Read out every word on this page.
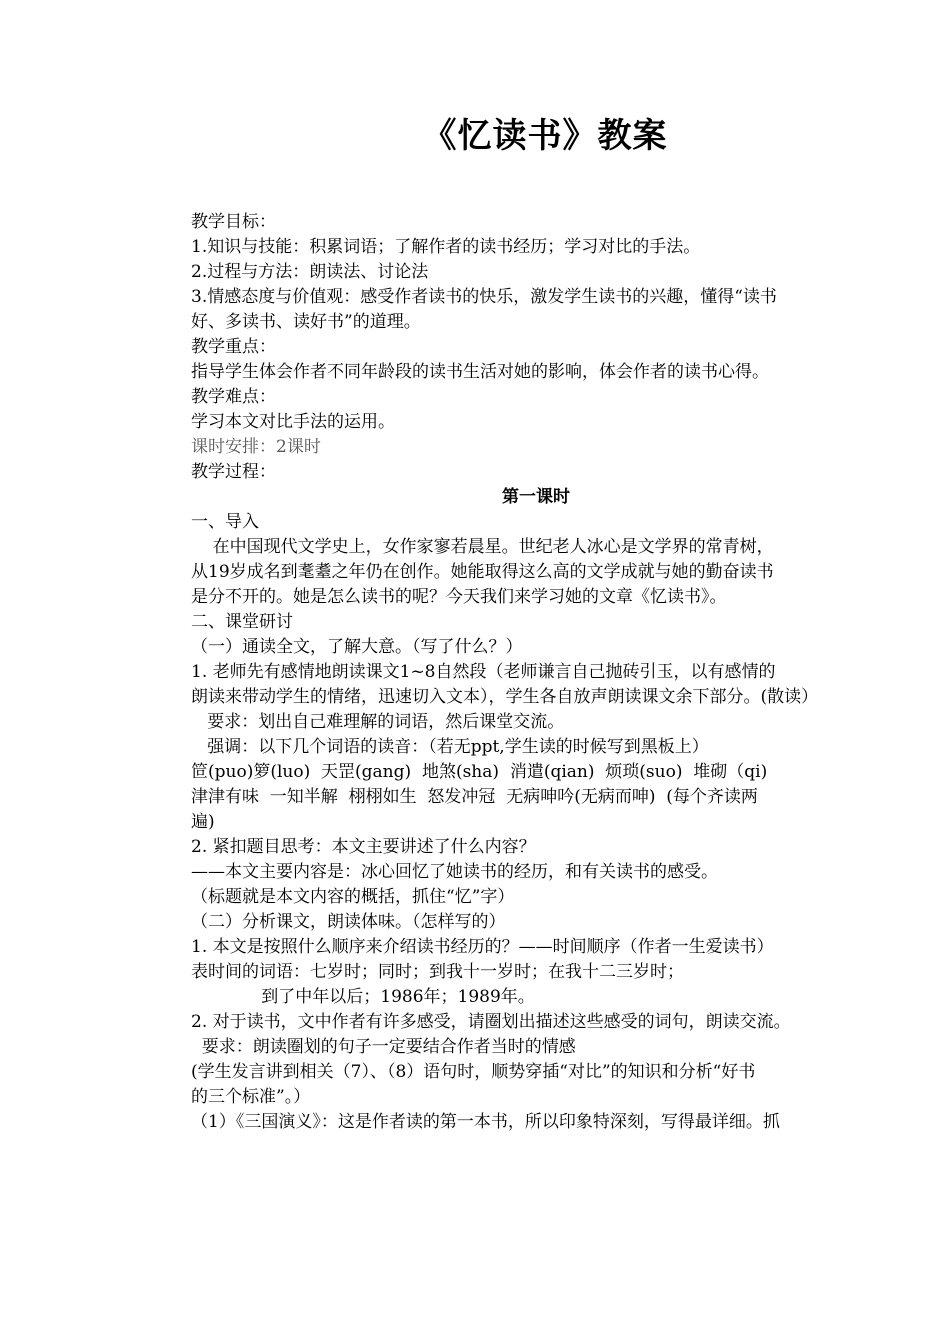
《忆读书》教案
教学目标：
1.知识与技能：积累词语；了解作者的读书经历；学习对比的手法。
2.过程与方法：朗读法、讨论法
3.情感态度与价值观：感受作者读书的快乐，激发学生读书的兴趣，懂得“读书
好、多读书、读好书”的道理。
教学重点：
指导学生体会作者不同年龄段的读书生活对她的影响，体会作者的读书心得。
教学难点：
学习本文对比手法的运用。
课时安排：2课时
教学过程：
第一课时
一、导入
在中国现代文学史上，女作家寥若晨星。世纪老人冰心是文学界的常青树，
从19岁成名到耄耋之年仍在创作。她能取得这么高的文学成就与她的勤奋读书
是分不开的。她是怎么读书的呢？今天我们来学习她的文章《忆读书》。
二、课堂研讨
（一）通读全文，了解大意。（写了什么？）
1. 老师先有感情地朗读课文1~8自然段（老师谦言自己抛砖引玉，以有感情的
朗读来带动学生的情绪，迅速切入文本），学生各自放声朗读课文余下部分。(散读）
要求：划出自己难理解的词语，然后课堂交流。
强调：以下几个词语的读音：（若无ppt,学生读的时候写到黑板上）
笸(puo)箩(luo)  天罡(gang)  地煞(sha)  消遣(qian)  烦琐(suo)  堆砌（qi)
津津有味  一知半解  栩栩如生  怒发冲冠  无病呻吟(无病而呻)  (每个齐读两
遍)
2. 紧扣题目思考：本文主要讲述了什么内容？
——本文主要内容是：冰心回忆了她读书的经历，和有关读书的感受。
（标题就是本文内容的概括，抓住“忆”字）
（二）分析课文，朗读体味。（怎样写的）
1. 本文是按照什么顺序来介绍读书经历的？——时间顺序（作者一生爱读书）
表时间的词语：七岁时；同时；到我十一岁时；在我十二三岁时；
到了中年以后；1986年；1989年。
2. 对于读书，文中作者有许多感受，请圈划出描述这些感受的词句，朗读交流。
要求：朗读圈划的句子一定要结合作者当时的情感
(学生发言讲到相关（7）、（8）语句时，顺势穿插“对比”的知识和分析“好书
的三个标准”。）
（1）《三国演义》：这是作者读的第一本书，所以印象特深刻，写得最详细。抓
